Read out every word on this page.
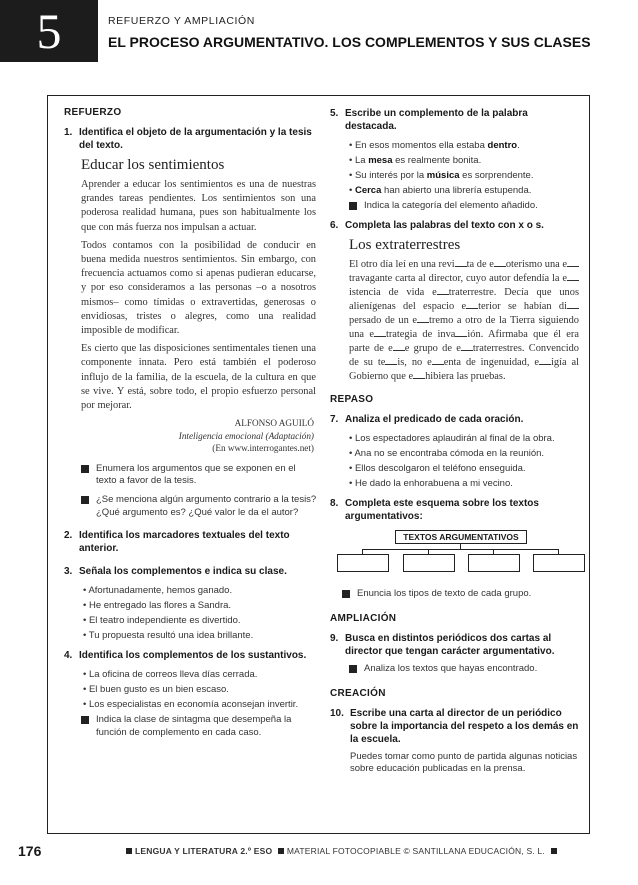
5	REFUERZO Y AMPLIACIÓN
EL PROCESO ARGUMENTATIVO. LOS COMPLEMENTOS Y SUS CLASES
REFUERZO
1. Identifica el objeto de la argumentación y la tesis del texto.
Educar los sentimientos

Aprender a educar los sentimientos es una de nuestras grandes tareas pendientes. Los sentimientos son una poderosa realidad humana, pues son habitualmente los que con más fuerza nos impulsan a actuar.

Todos contamos con la posibilidad de conducir en buena medida nuestros sentimientos. Sin embargo, con frecuencia actuamos como si apenas pudieran educarse, y por eso consideramos a las personas –o a nosotros mismos– como tímidas o extravertidas, generosas o envidiosas, tristes o alegres, como una realidad imposible de modificar.

Es cierto que las disposiciones sentimentales tienen una componente innata. Pero está también el poderoso influjo de la familia, de la escuela, de la cultura en que se vive. Y está, sobre todo, el propio esfuerzo personal por mejorar.

ALFONSO AGUILÓ
Inteligencia emocional (Adaptación)
(En www.interrogantes.net)
Enumera los argumentos que se exponen en el texto a favor de la tesis.
¿Se menciona algún argumento contrario a la tesis? ¿Qué argumento es? ¿Qué valor le da el autor?
2. Identifica los marcadores textuales del texto anterior.
3. Señala los complementos e indica su clase.
• Afortunadamente, hemos ganado.
• He entregado las flores a Sandra.
• El teatro independiente es divertido.
• Tu propuesta resultó una idea brillante.
4. Identifica los complementos de los sustantivos.
• La oficina de correos lleva días cerrada.
• El buen gusto es un bien escaso.
• Los especialistas en economía aconsejan invertir.
Indica la clase de sintagma que desempeña la función de complemento en cada caso.
5. Escribe un complemento de la palabra destacada.
• En esos momentos ella estaba dentro.
• La mesa es realmente bonita.
• Su interés por la música es sorprendente.
• Cerca han abierto una librería estupenda.
Indica la categoría del elemento añadido.
6. Completa las palabras del texto con x o s.
Los extraterrestres

El otro día leí en una revi ta de e oterismo una etravagante carta al director, cuyo autor defendía la eistencia de vida e traterrestre. Decía que unos alienígenas del espacio e terior se habían dipersado de un e tremo a otro de la Tierra siguiendo una e trategia de inva ión. Afirmaba que él era parte de e e grupo de e traterrestres. Convencido de su te is, no e enta de ingenuidad, e igía al Gobierno que e hibiera las pruebas.

REPASO
7. Analiza el predicado de cada oración.
• Los espectadores aplaudirán al final de la obra.
• Ana no se encontraba cómoda en la reunión.
• Ellos descolgaron el teléfono enseguida.
• He dado la enhorabuena a mi vecino.
8. Completa este esquema sobre los textos argumentativos:
TEXTOS ARGUMENTATIVOS
Enuncia los tipos de texto de cada grupo.
AMPLIACIÓN
9. Busca en distintos periódicos dos cartas al director que tengan carácter argumentativo.
Analiza los textos que hayas encontrado.
CREACIÓN
10. Escribe una carta al director de un periódico sobre la importancia del respeto a los demás en la escuela.
Puedes tomar como punto de partida algunas noticias sobre educación publicadas en la prensa.
176	LENGUA Y LITERATURA 2.º ESO MATERIAL FOTOCOPIABLE © SANTILLANA EDUCACIÓN, S. L.
